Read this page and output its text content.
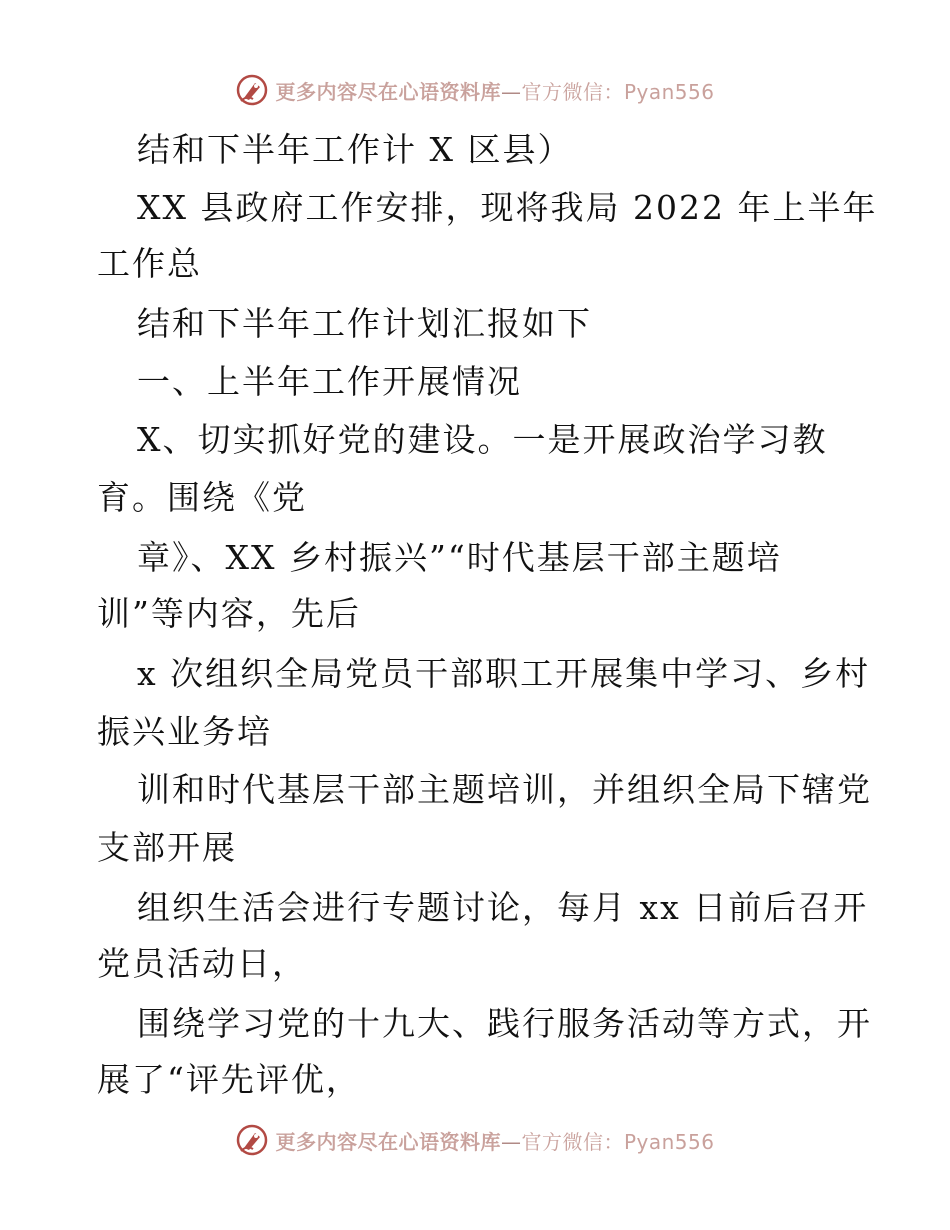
更多内容尽在心语资料库—官方微信：Pyan556
结和下半年工作计 X 区县）
XX 县政府工作安排，现将我局 2022 年上半年
工作总
结和下半年工作计划汇报如下
一、上半年工作开展情况
X、切实抓好党的建设。一是开展政治学习教
育。围绕《党
章》、XX 乡村振兴”“时代基层干部主题培
训”等内容，先后
x 次组织全局党员干部职工开展集中学习、乡村
振兴业务培
训和时代基层干部主题培训，并组织全局下辖党
支部开展
组织生活会进行专题讨论，每月 xx 日前后召开
党员活动日，
围绕学习党的十九大、践行服务活动等方式，开
展了“评先评优，
更多内容尽在心语资料库—官方微信：Pyan556
